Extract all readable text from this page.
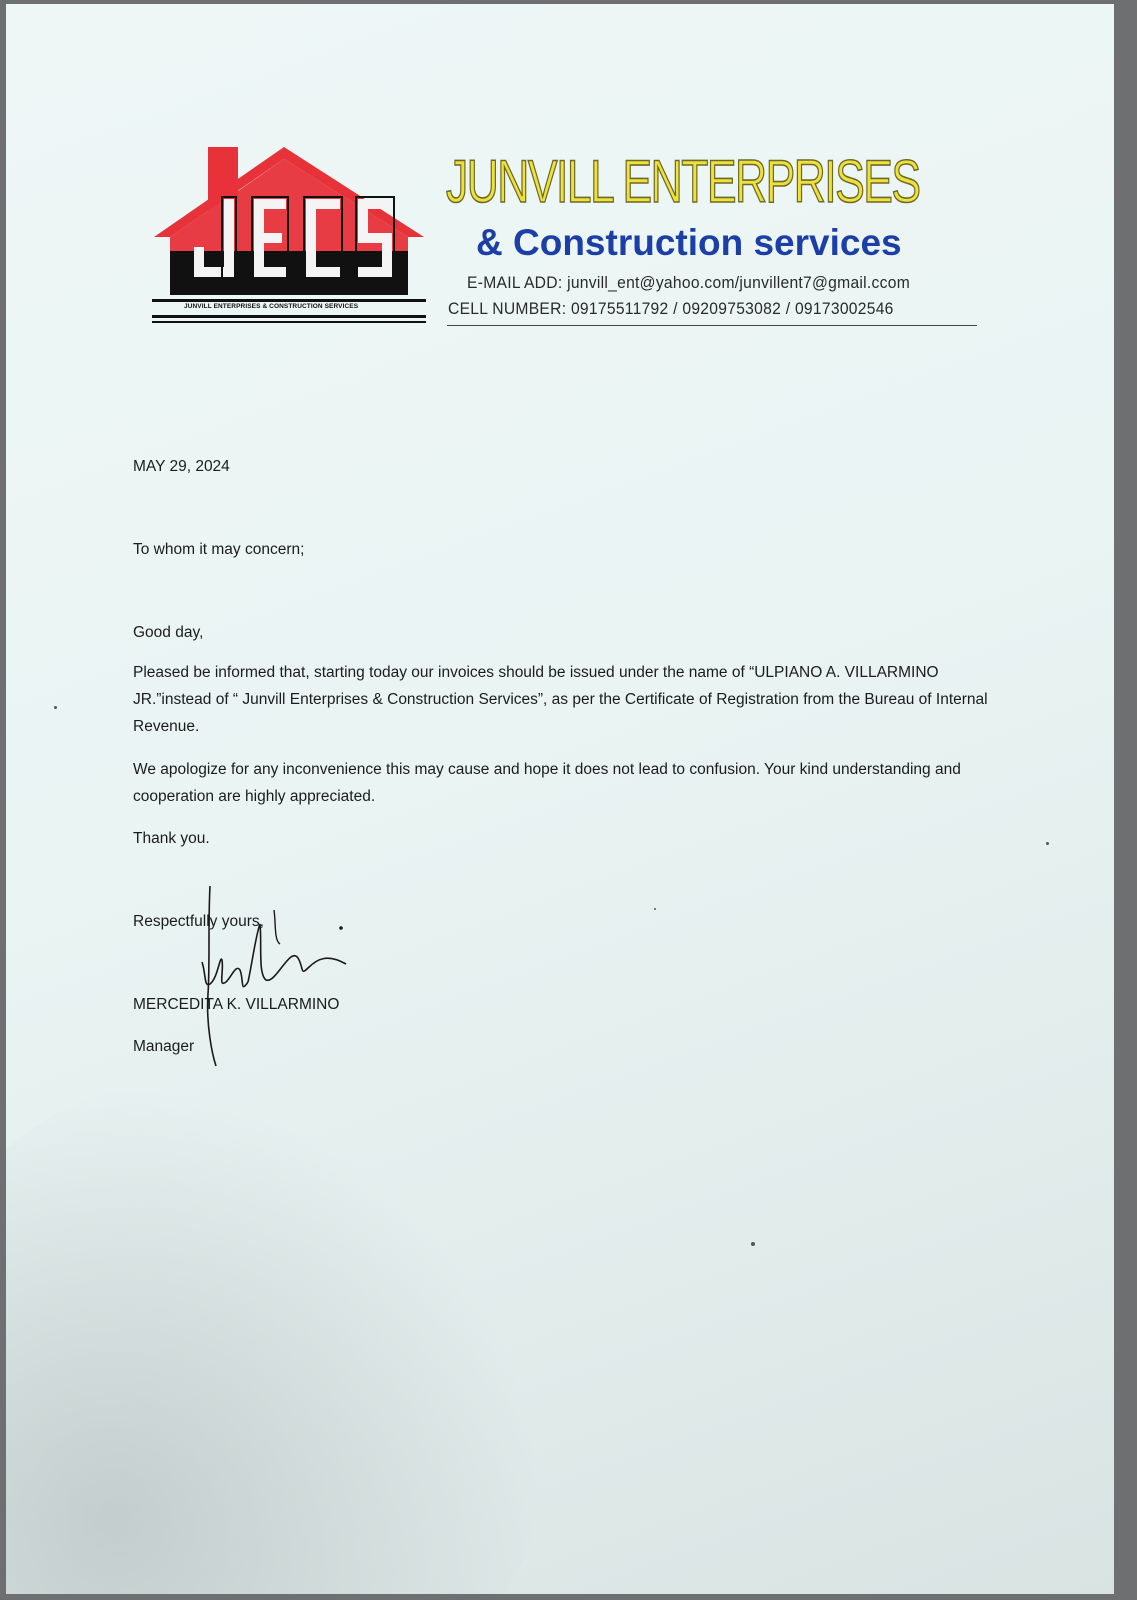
JUNVILL ENTERPRISES & CONSTRUCTION SERVICES
JUNVILL ENTERPRISES
& Construction services
E-MAIL ADD: junvill_ent@yahoo.com/junvillent7@gmail.ccom
CELL NUMBER: 09175511792 / 09209753082 / 09173002546
MAY 29, 2024
To whom it may concern;
Good day,
Pleased be informed that, starting today our invoices should be issued under the name of “ULPIANO A. VILLARMINO JR.”instead of “ Junvill Enterprises & Construction Services”, as per the Certificate of Registration from the Bureau of Internal Revenue.
We apologize for any inconvenience this may cause and hope it does not lead to confusion. Your kind understanding and cooperation are highly appreciated.
Thank you.
Respectfully yours,
MERCEDITA K. VILLARMINO
Manager
